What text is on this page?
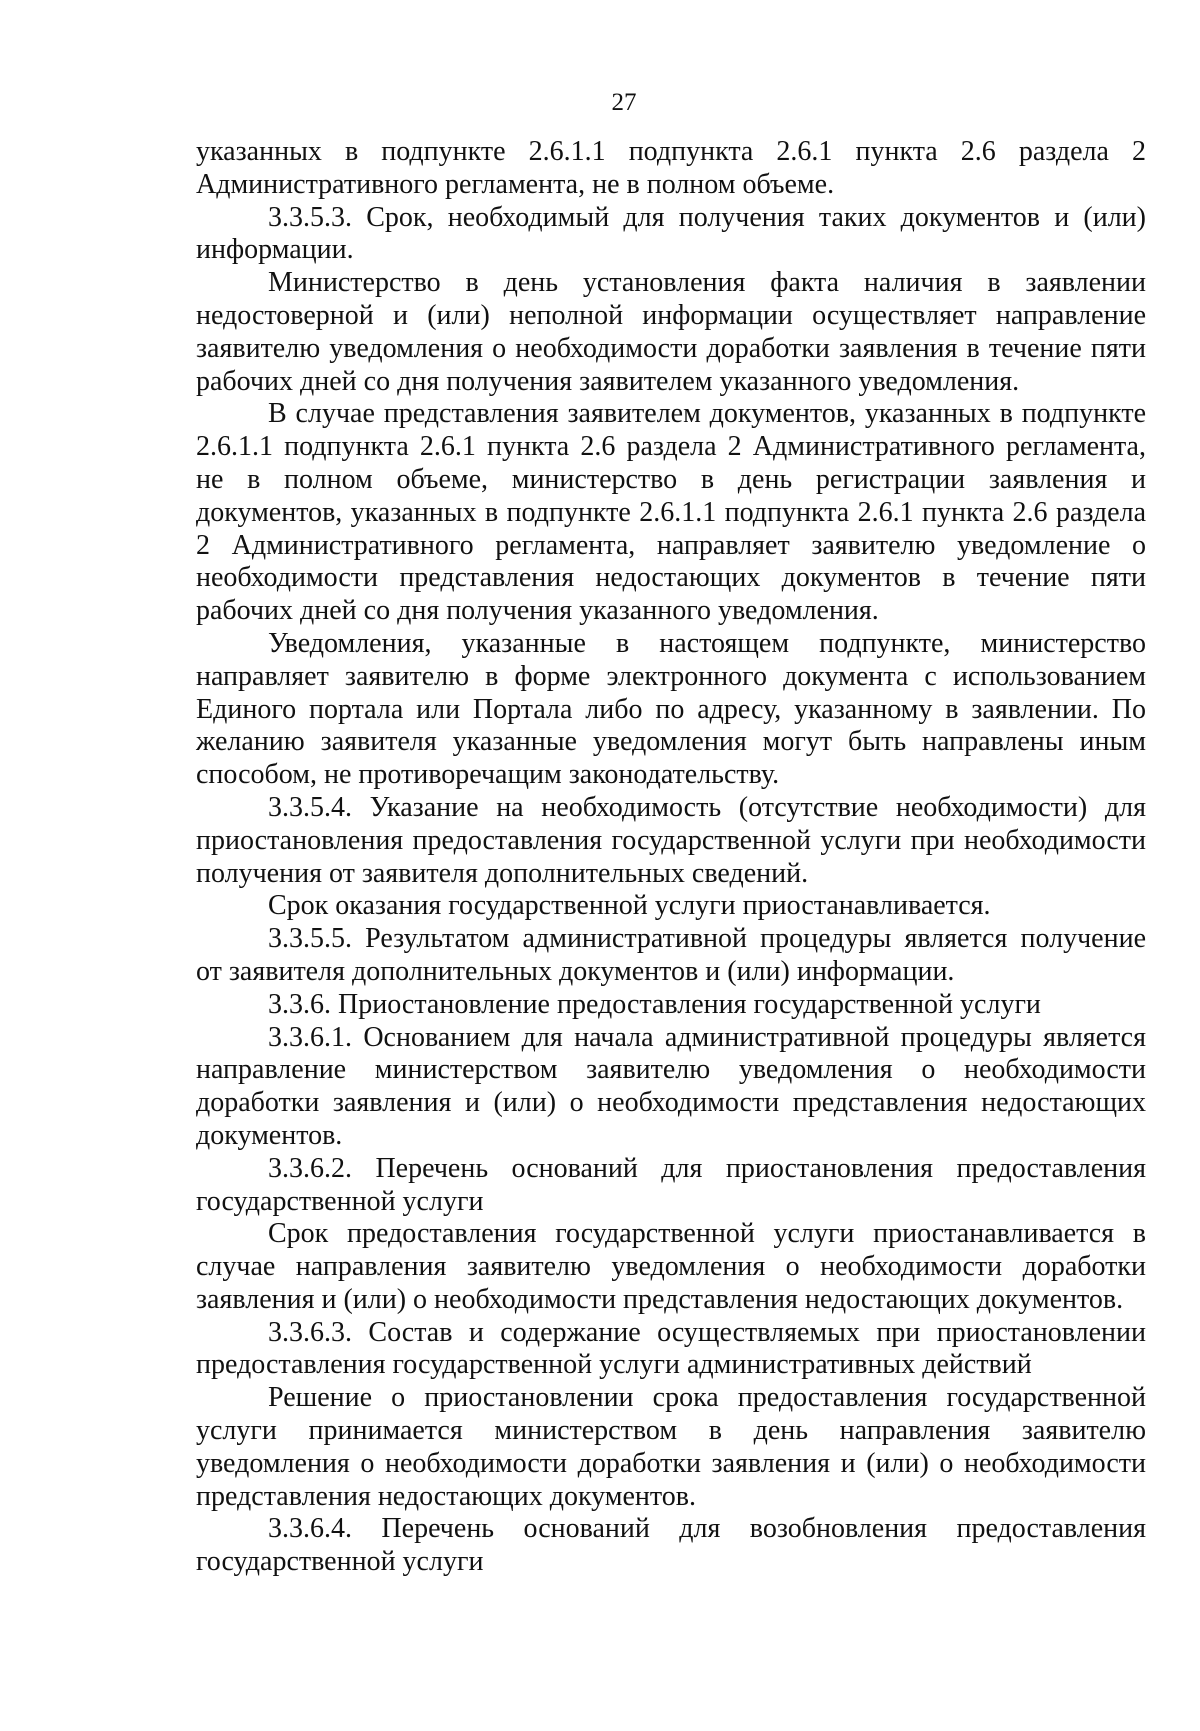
27

указанных в подпункте 2.6.1.1 подпункта 2.6.1 пункта 2.6 раздела 2 Административного регламента, не в полном объеме.

3.3.5.3. Срок, необходимый для получения таких документов и (или) информации.

Министерство в день установления факта наличия в заявлении недостоверной и (или) неполной информации осуществляет направление заявителю уведомления о необходимости доработки заявления в течение пяти рабочих дней со дня получения заявителем указанного уведомления.

В случае представления заявителем документов, указанных в подпункте 2.6.1.1 подпункта 2.6.1 пункта 2.6 раздела 2 Административного регламента, не в полном объеме, министерство в день регистрации заявления и документов, указанных в подпункте 2.6.1.1 подпункта 2.6.1 пункта 2.6 раздела 2 Административного регламента, направляет заявителю уведомление о необходимости представления недостающих документов в течение пяти рабочих дней со дня получения указанного уведомления.

Уведомления, указанные в настоящем подпункте, министерство направляет заявителю в форме электронного документа с использованием Единого портала или Портала либо по адресу, указанному в заявлении. По желанию заявителя указанные уведомления могут быть направлены иным способом, не противоречащим законодательству.

3.3.5.4. Указание на необходимость (отсутствие необходимости) для приостановления предоставления государственной услуги при необходимости получения от заявителя дополнительных сведений.

Срок оказания государственной услуги приостанавливается.

3.3.5.5. Результатом административной процедуры является получение от заявителя дополнительных документов и (или) информации.

3.3.6. Приостановление предоставления государственной услуги

3.3.6.1. Основанием для начала административной процедуры является направление министерством заявителю уведомления о необходимости доработки заявления и (или) о необходимости представления недостающих документов.

3.3.6.2. Перечень оснований для приостановления предоставления государственной услуги

Срок предоставления государственной услуги приостанавливается в случае направления заявителю уведомления о необходимости доработки заявления и (или) о необходимости представления недостающих документов.

3.3.6.3. Состав и содержание осуществляемых при приостановлении предоставления государственной услуги административных действий

Решение о приостановлении срока предоставления государственной услуги принимается министерством в день направления заявителю уведомления о необходимости доработки заявления и (или) о необходимости представления недостающих документов.

3.3.6.4. Перечень оснований для возобновления предоставления государственной услуги
